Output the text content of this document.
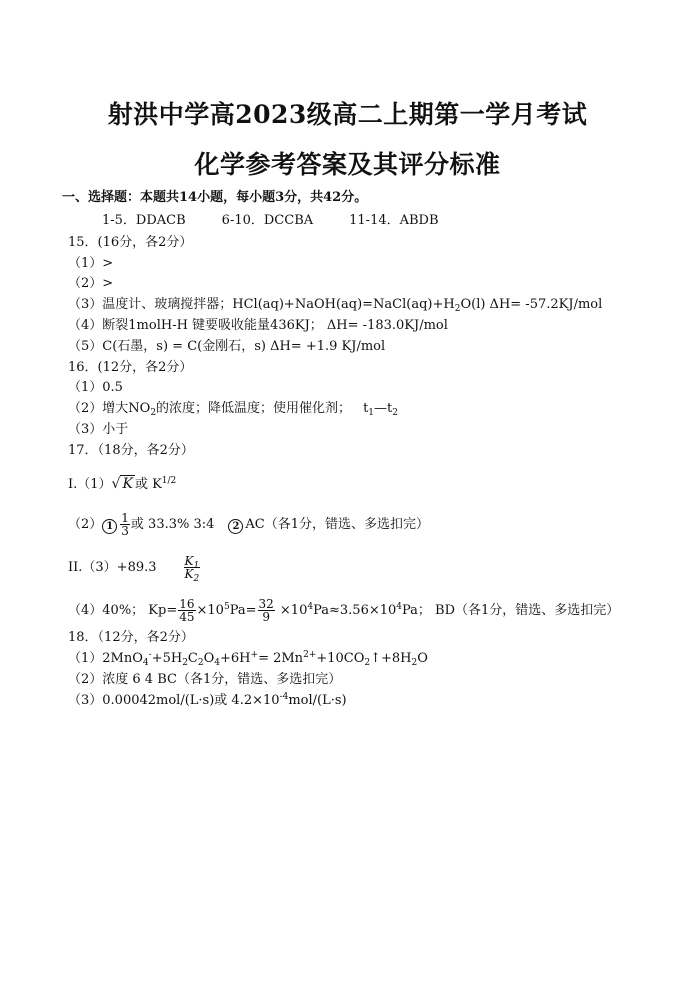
射洪中学高2023级高二上期第一学月考试
化学参考答案及其评分标准
一、选择题：本题共14小题，每小题3分，共42分。
1-5．DDACB	6-10．DCCBA	11-14．ABDB
15．(16分，各2分）
（1）>
（2）>
（3）温度计、玻璃搅拌器；$HCl(aq)+NaOH(aq)=NaCl(aq)+H_2O(l)$ ΔH= -57.2KJ/mol
（4）断裂1molH-H 键要吸收能量436KJ； ΔH= -183.0KJ/mol
（5）C(石墨，s) = C(金刚石，s) ΔH= +1.9 KJ/mol
16．(12分，各2分）
（1）0.5
（2）增大$NO_2$的浓度；降低温度；使用催化剂； $t_1—t_2$
（3）小于
17．（18分，各2分）
I.（1）√ K 或 $K^{1/2}$
（2） $1 \frac{1}{3}$ 或 33.3% 3:4 2 AC（各1分，错选、多选扣完）
$II.(3)+89.3 \frac{K_1}{K_2}$
（4）40%； $Kp= \frac{16}{45} \times 10^5Pa= \frac{32}{9} \times 10^4Pa\approx 3.56\times 10^4Pa$； BD（各1分，错选、多选扣完）
18．（12分，各2分）
$(1)2MnO_4^-+5H_2C_2O_4+6H^+=$ $2Mn^{2+}+10CO_2↑+8H_2O$
（2）浓度 6 4 BC（各1分，错选、多选扣完）
（3）0.00042mol/(L·s)或 $4.2\times 10^{-4}mol/(L\cdot s)$
